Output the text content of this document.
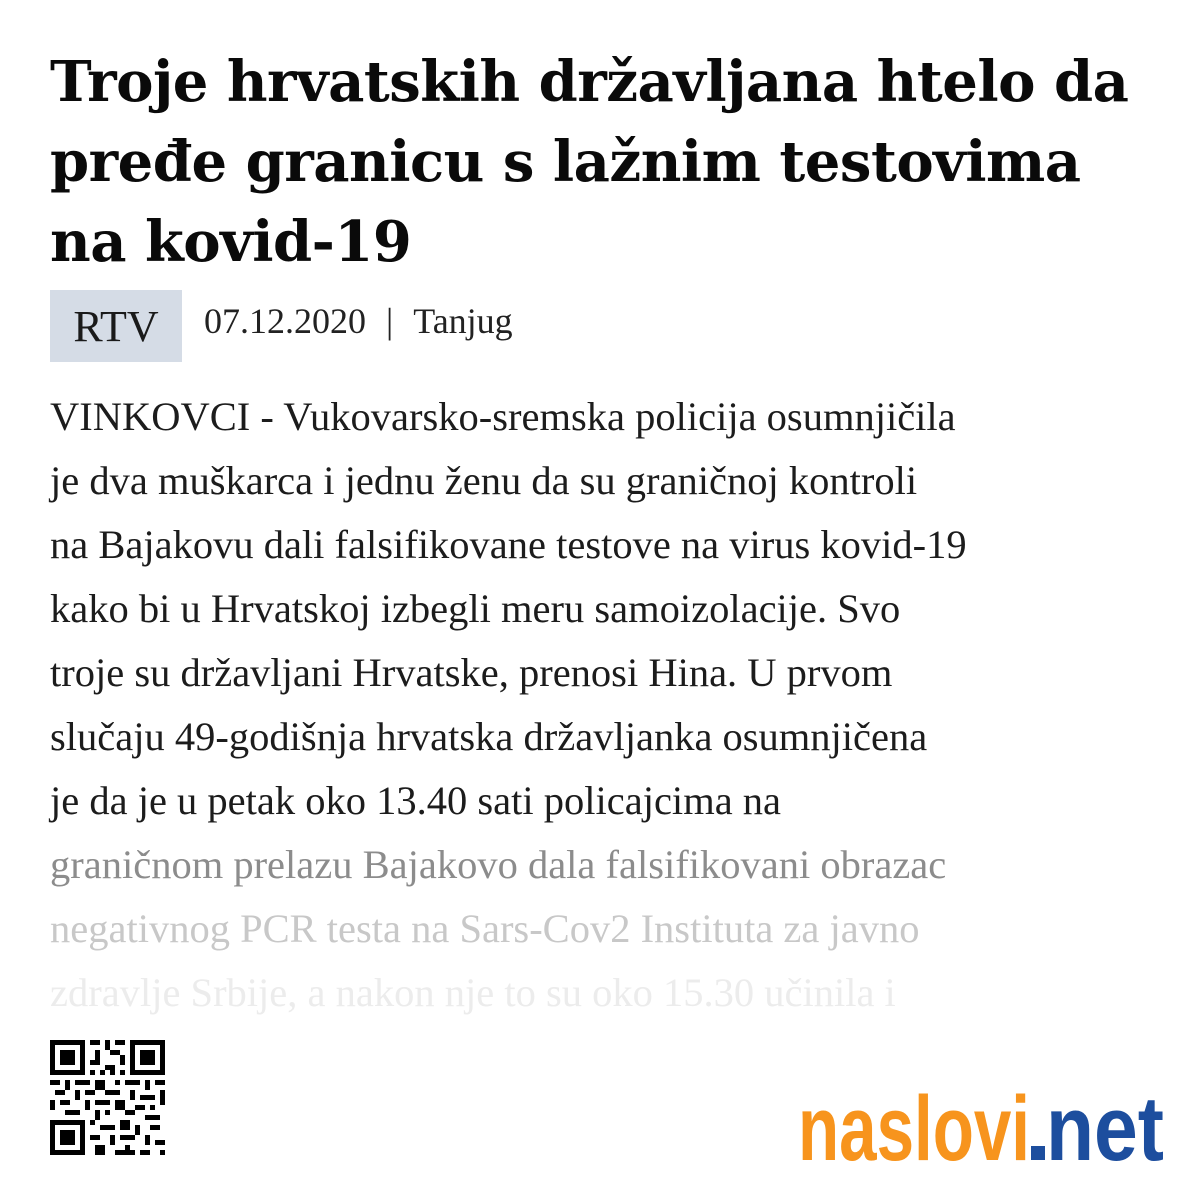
Troje hrvatskih državljana htelo da pređe granicu s lažnim testovima na kovid-19
RTV	07.12.2020 | Tanjug
VINKOVCI - Vukovarsko-sremska policija osumnjičila
je dva muškarca i jednu ženu da su graničnoj kontroli
na Bajakovu dali falsifikovane testove na virus kovid-19
kako bi u Hrvatskoj izbegli meru samoizolacije. Svo
troje su državljani Hrvatske, prenosi Hina. U prvom
slučaju 49-godišnja hrvatska državljanka osumnjičena
je da je u petak oko 13.40 sati policajcima na
graničnom prelazu Bajakovo dala falsifikovani obrazac
negativnog PCR testa na Sars-Cov2 Instituta za javno
zdravlje Srbije, a nakon nje to su oko 15.30 učinila i
naslovi net
